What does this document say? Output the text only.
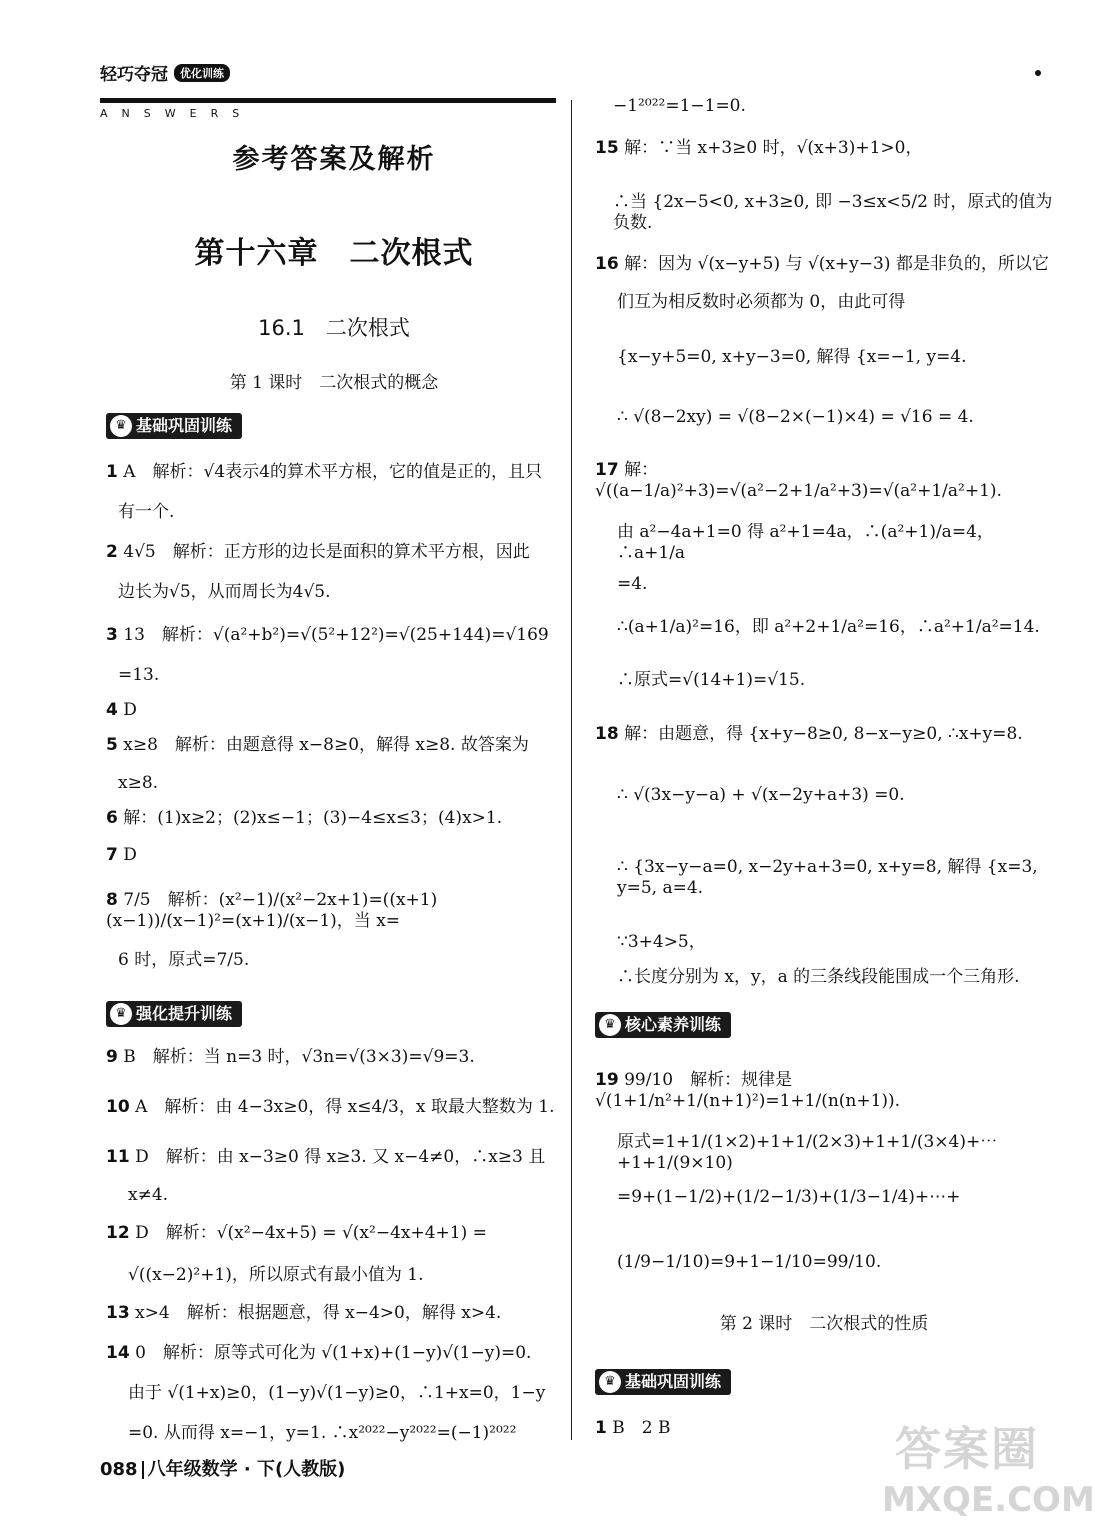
轻巧夺冠	优化训练
ANSWERS
参考答案及解析
第十六章　二次根式
16.1　二次根式
第 1 课时　二次根式的概念
♛ 基础巩固训练
1 A　解析：√4表示4的算术平方根，它的值是正的，且只
有一个.
2 4√5　解析：正方形的边长是面积的算术平方根，因此
边长为√5，从而周长为4√5.
3 13　解析：√(a²+b²)=√(5²+12²)=√(25+144)=√169
=13.
4 D
5 x≥8　解析：由题意得 x−8≥0，解得 x≥8. 故答案为
x≥8.
6 解：(1)x≥2；(2)x≤−1；(3)−4≤x≤3；(4)x>1.
7 D
8 7/5　解析：(x²−1)/(x²−2x+1)=((x+1)(x−1))/(x−1)²=(x+1)/(x−1)，当 x=
6 时，原式=7/5.
♛ 强化提升训练
9 B　解析：当 n=3 时，√3n=√(3×3)=√9=3.
10 A　解析：由 4−3x≥0，得 x≤4/3，x 取最大整数为 1.
11 D　解析：由 x−3≥0 得 x≥3. 又 x−4≠0，∴x≥3 且
x≠4.
12 D　解析：√(x²−4x+5) = √(x²−4x+4+1) =
√((x−2)²+1)，所以原式有最小值为 1.
13 x>4　解析：根据题意，得 x−4>0，解得 x>4.
14 0　解析：原等式可化为 √(1+x)+(1−y)√(1−y)=0.
由于 √(1+x)≥0，(1−y)√(1−y)≥0，∴1+x=0，1−y
=0. 从而得 x=−1，y=1. ∴x²⁰²²−y²⁰²²=(−1)²⁰²²
−1²⁰²²=1−1=0.
15 解：∵当 x+3≥0 时，√(x+3)+1>0，
∴当 {2x−5<0, x+3≥0, 即 −3≤x<5/2 时，原式的值为负数.
16 解：因为 √(x−y+5) 与 √(x+y−3) 都是非负的，所以它
们互为相反数时必须都为 0，由此可得
{x−y+5=0, x+y−3=0, 解得 {x=−1, y=4.
∴ √(8−2xy) = √(8−2×(−1)×4) = √16 = 4.
17 解：√((a−1/a)²+3)=√(a²−2+1/a²+3)=√(a²+1/a²+1).
由 a²−4a+1=0 得 a²+1=4a，∴(a²+1)/a=4，∴a+1/a
=4.
∴(a+1/a)²=16，即 a²+2+1/a²=16，∴a²+1/a²=14.
∴原式=√(14+1)=√15.
18 解：由题意，得 {x+y−8≥0, 8−x−y≥0, ∴x+y=8.
∴ √(3x−y−a) + √(x−2y+a+3) =0.
∴ {3x−y−a=0, x−2y+a+3=0, x+y=8, 解得 {x=3, y=5, a=4.
∵3+4>5，
∴长度分别为 x，y，a 的三条线段能围成一个三角形.
♛ 核心素养训练
19 99/10　解析：规律是 √(1+1/n²+1/(n+1)²)=1+1/(n(n+1)).
原式=1+1/(1×2)+1+1/(2×3)+1+1/(3×4)+⋯+1+1/(9×10)
=9+(1−1/2)+(1/2−1/3)+(1/3−1/4)+⋯+
(1/9−1/10)=9+1−1/10=99/10.
第 2 课时　二次根式的性质
♛ 基础巩固训练
1 B　2 B
088 八年级数学 · 下(人教版)	答案圈
MXQE.COM
